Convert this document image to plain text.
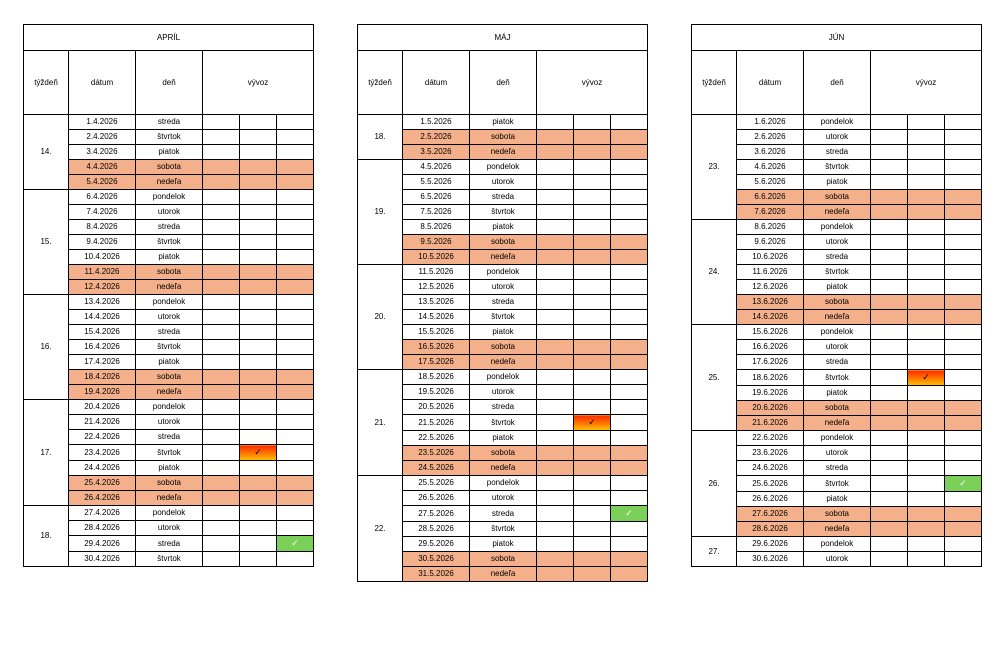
APRÍL					
týždeň	dátum	deň	vývoz		
14.	1.4.2026	streda			
	2.4.2026	štvrtok			
	3.4.2026	piatok			
	4.4.2026	sobota			
	5.4.2026	nedeľa			
15.	6.4.2026	pondelok			
	7.4.2026	utorok			
	8.4.2026	streda			
	9.4.2026	štvrtok			
	10.4.2026	piatok			
	11.4.2026	sobota			
	12.4.2026	nedeľa			
16.	13.4.2026	pondelok			
	14.4.2026	utorok			
	15.4.2026	streda			
	16.4.2026	štvrtok			
	17.4.2026	piatok			
	18.4.2026	sobota			
	19.4.2026	nedeľa			
17.	20.4.2026	pondelok			
	21.4.2026	utorok			
	22.4.2026	streda			
	23.4.2026	štvrtok		✓	
	24.4.2026	piatok			
	25.4.2026	sobota			
	26.4.2026	nedeľa			
18.	27.4.2026	pondelok			
	28.4.2026	utorok			
	29.4.2026	streda			✓
	30.4.2026	štvrtok			
MÁJ					
týždeň	dátum	deň	vývoz		
18.	1.5.2026	piatok			
	2.5.2026	sobota			
	3.5.2026	nedeľa			
19.	4.5.2026	pondelok			
	5.5.2026	utorok			
	6.5.2026	streda			
	7.5.2026	štvrtok			
	8.5.2026	piatok			
	9.5.2026	sobota			
	10.5.2026	nedeľa			
20.	11.5.2026	pondelok			
	12.5.2026	utorok			
	13.5.2026	streda			
	14.5.2026	štvrtok			
	15.5.2026	piatok			
	16.5.2026	sobota			
	17.5.2026	nedeľa			
21.	18.5.2026	pondelok			
	19.5.2026	utorok			
	20.5.2026	streda			
	21.5.2026	štvrtok		✓	
	22.5.2026	piatok			
	23.5.2026	sobota			
	24.5.2026	nedeľa			
22.	25.5.2026	pondelok			
	26.5.2026	utorok			
	27.5.2026	streda			✓
	28.5.2026	štvrtok			
	29.5.2026	piatok			
	30.5.2026	sobota			
	31.5.2026	nedeľa			
JÚN					
týždeň	dátum	deň	vývoz		
23.	1.6.2026	pondelok			
	2.6.2026	utorok			
	3.6.2026	streda			
	4.6.2026	štvrtok			
	5.6.2026	piatok			
	6.6.2026	sobota			
	7.6.2026	nedeľa			
24.	8.6.2026	pondelok			
	9.6.2026	utorok			
	10.6.2026	streda			
	11.6.2026	štvrtok			
	12.6.2026	piatok			
	13.6.2026	sobota			
	14.6.2026	nedeľa			
25.	15.6.2026	pondelok			
	16.6.2026	utorok			
	17.6.2026	streda			
	18.6.2026	štvrtok		✓	
	19.6.2026	piatok			
	20.6.2026	sobota			
	21.6.2026	nedeľa			
26.	22.6.2026	pondelok			
	23.6.2026	utorok			
	24.6.2026	streda			
	25.6.2026	štvrtok			✓
	26.6.2026	piatok			
	27.6.2026	sobota			
	28.6.2026	nedeľa			
27.	29.6.2026	pondelok			
	30.6.2026	utorok			
